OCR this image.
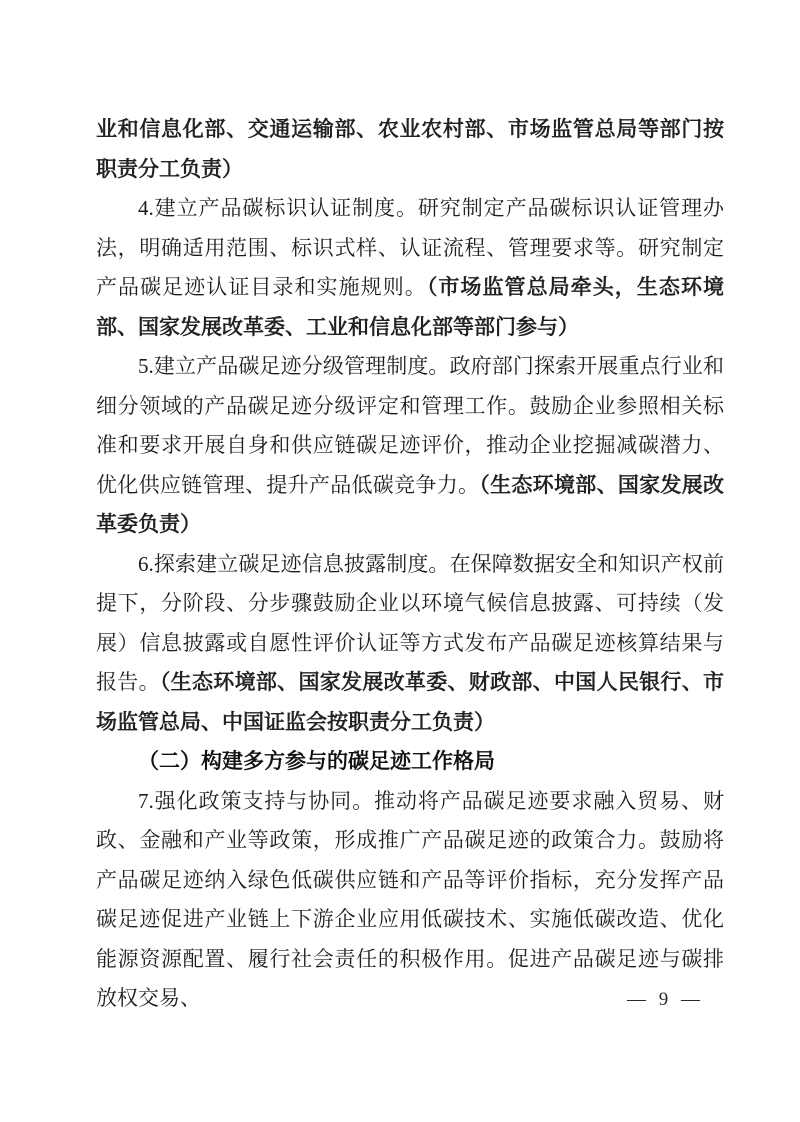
业和信息化部、交通运输部、农业农村部、市场监管总局等部门按职责分工负责）

4.建立产品碳标识认证制度。研究制定产品碳标识认证管理办法，明确适用范围、标识式样、认证流程、管理要求等。研究制定产品碳足迹认证目录和实施规则。（市场监管总局牵头，生态环境部、国家发展改革委、工业和信息化部等部门参与）

5.建立产品碳足迹分级管理制度。政府部门探索开展重点行业和细分领域的产品碳足迹分级评定和管理工作。鼓励企业参照相关标准和要求开展自身和供应链碳足迹评价，推动企业挖掘减碳潜力、优化供应链管理、提升产品低碳竞争力。（生态环境部、国家发展改革委负责）

6.探索建立碳足迹信息披露制度。在保障数据安全和知识产权前提下，分阶段、分步骤鼓励企业以环境气候信息披露、可持续（发展）信息披露或自愿性评价认证等方式发布产品碳足迹核算结果与报告。（生态环境部、国家发展改革委、财政部、中国人民银行、市场监管总局、中国证监会按职责分工负责）

（二）构建多方参与的碳足迹工作格局

7.强化政策支持与协同。推动将产品碳足迹要求融入贸易、财政、金融和产业等政策，形成推广产品碳足迹的政策合力。鼓励将产品碳足迹纳入绿色低碳供应链和产品等评价指标，充分发挥产品碳足迹促进产业链上下游企业应用低碳技术、实施低碳改造、优化能源资源配置、履行社会责任的积极作用。促进产品碳足迹与碳排放权交易、	— 9 —
